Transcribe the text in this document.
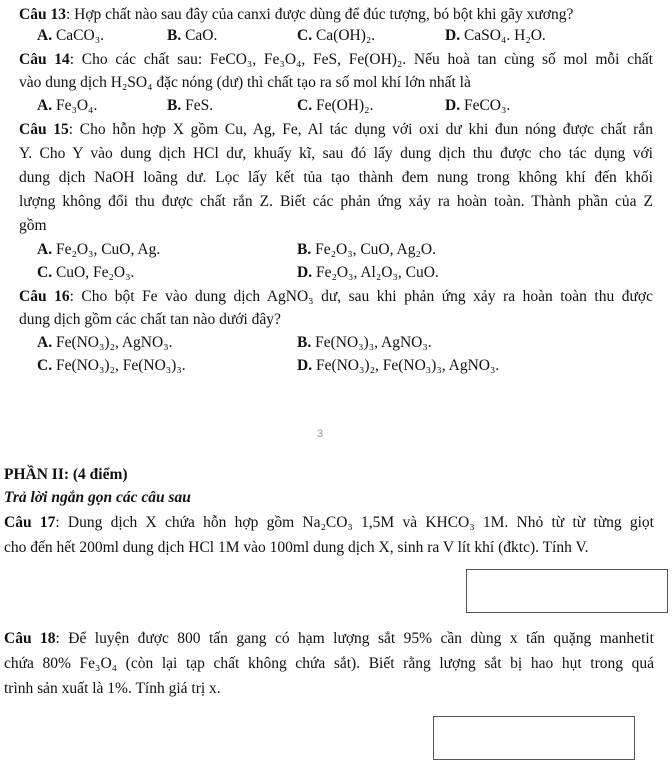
Câu 13: Hợp chất nào sau đây của canxi được dùng để đúc tượng, bó bột khi gãy xương?
A. CaCO₃.	B. CaO.	C. Ca(OH)₂.	D. CaSO₄. H₂O.
Câu 14: Cho các chất sau: FeCO₃, Fe₃O₄, FeS, Fe(OH)₂. Nếu hoà tan cùng số mol mỗi chất
vào dung dịch H₂SO₄ đặc nóng (dư) thì chất tạo ra số mol khí lớn nhất là
A. Fe₃O₄.	B. FeS.	C. Fe(OH)₂.	D. FeCO₃.
Câu 15: Cho hỗn hợp X gồm Cu, Ag, Fe, Al tác dụng với oxi dư khi đun nóng được chất rắn
Y. Cho Y vào dung dịch HCl dư, khuấy kĩ, sau đó lấy dung dịch thu được cho tác dụng với
dung dịch NaOH loãng dư. Lọc lấy kết tủa tạo thành đem nung trong không khí đến khối
lượng không đổi thu được chất rắn Z. Biết các phản ứng xảy ra hoàn toàn. Thành phần của Z
gồm
A. Fe₂O₃, CuO, Ag.	B. Fe₂O₃, CuO, Ag₂O.
C. CuO, Fe₂O₃.	D. Fe₂O₃, Al₂O₃, CuO.
Câu 16: Cho bột Fe vào dung dịch AgNO₃ dư, sau khi phản ứng xảy ra hoàn toàn thu được
dung dịch gồm các chất tan nào dưới đây?
A. Fe(NO₃)₂, AgNO₃.	B. Fe(NO₃)₃, AgNO₃.
C. Fe(NO₃)₂, Fe(NO₃)₃.	D. Fe(NO₃)₂, Fe(NO₃)₃, AgNO₃.
3
PHẦN II: (4 điểm)
Trả lời ngắn gọn các câu sau
Câu 17: Dung dịch X chứa hỗn hợp gồm Na₂CO₃ 1,5M và KHCO₃ 1M. Nhỏ từ từ từng giọt
cho đến hết 200ml dung dịch HCl 1M vào 100ml dung dịch X, sinh ra V lít khí (đktc). Tính V.
Câu 18: Để luyện được 800 tấn gang có hạm lượng sắt 95% cần dùng x tấn quặng manhetit
chứa 80% Fe₃O₄ (còn lại tạp chất không chứa sắt). Biết rằng lượng sắt bị hao hụt trong quá
trình sản xuất là 1%. Tính giá trị x.
